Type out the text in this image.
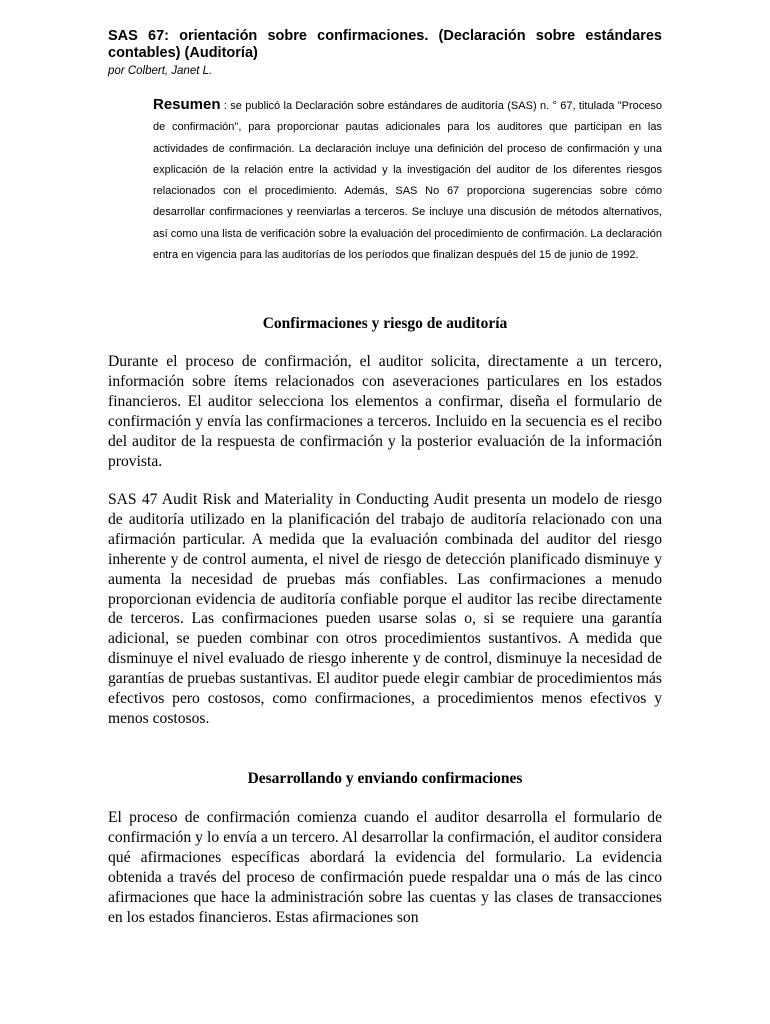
SAS 67: orientación sobre confirmaciones. (Declaración sobre estándares contables) (Auditoría)

por Colbert, Janet L.

Resumen : se publicó la Declaración sobre estándares de auditoría (SAS) n. ° 67, titulada "Proceso de confirmación", para proporcionar pautas adicionales para los auditores que participan en las actividades de confirmación. La declaración incluye una definición del proceso de confirmación y una explicación de la relación entre la actividad y la investigación del auditor de los diferentes riesgos relacionados con el procedimiento. Además, SAS No 67 proporciona sugerencias sobre cómo desarrollar confirmaciones y reenviarlas a terceros. Se incluye una discusión de métodos alternativos, así como una lista de verificación sobre la evaluación del procedimiento de confirmación. La declaración entra en vigencia para las auditorías de los períodos que finalizan después del 15 de junio de 1992.

Confirmaciones y riesgo de auditoría

Durante el proceso de confirmación, el auditor solicita, directamente a un tercero, información sobre ítems relacionados con aseveraciones particulares en los estados financieros. El auditor selecciona los elementos a confirmar, diseña el formulario de confirmación y envía las confirmaciones a terceros. Incluido en la secuencia es el recibo del auditor de la respuesta de confirmación y la posterior evaluación de la información provista.

SAS 47 Audit Risk and Materiality in Conducting Audit presenta un modelo de riesgo de auditoría utilizado en la planificación del trabajo de auditoría relacionado con una afirmación particular. A medida que la evaluación combinada del auditor del riesgo inherente y de control aumenta, el nivel de riesgo de detección planificado disminuye y aumenta la necesidad de pruebas más confiables. Las confirmaciones a menudo proporcionan evidencia de auditoría confiable porque el auditor las recibe directamente de terceros. Las confirmaciones pueden usarse solas o, si se requiere una garantía adicional, se pueden combinar con otros procedimientos sustantivos. A medida que disminuye el nivel evaluado de riesgo inherente y de control, disminuye la necesidad de garantías de pruebas sustantivas. El auditor puede elegir cambiar de procedimientos más efectivos pero costosos, como confirmaciones, a procedimientos menos efectivos y menos costosos.

Desarrollando y enviando confirmaciones

El proceso de confirmación comienza cuando el auditor desarrolla el formulario de confirmación y lo envía a un tercero. Al desarrollar la confirmación, el auditor considera qué afirmaciones específicas abordará la evidencia del formulario. La evidencia obtenida a través del proceso de confirmación puede respaldar una o más de las cinco afirmaciones que hace la administración sobre las cuentas y las clases de transacciones en los estados financieros. Estas afirmaciones son
